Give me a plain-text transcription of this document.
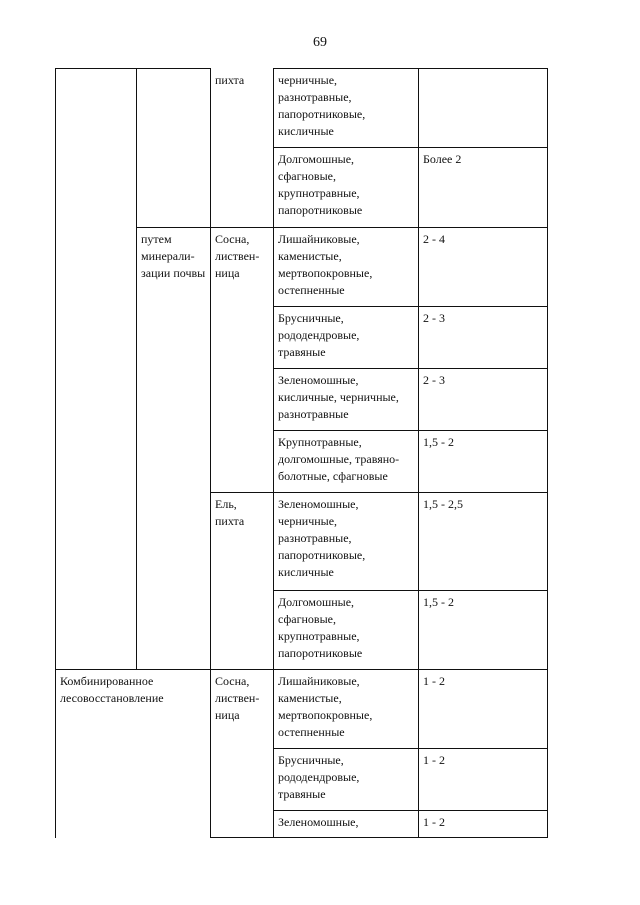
69

		пихта	черничные,
разнотравные,
папоротниковые,
кисличные	

			Долгомошные,
сфагновые,
крупнотравные,
папоротниковые	Более 2

	путем
минерали-
зации почвы	Сосна,
листвен-
ница	Лишайниковые,
каменистые,
мертвопокровные,
остепненные	2 - 4

			Брусничные,
рододендровые,
травяные	2 - 3

			Зеленомошные,
кисличные, черничные,
разнотравные	2 - 3

			Крупнотравные,
долгомошные, травяно-
болотные, сфагновые	1,5 - 2

		Ель,
пихта	Зеленомошные,
черничные,
разнотравные,
папоротниковые,
кисличные	1,5 - 2,5

			Долгомошные,
сфагновые,
крупнотравные,
папоротниковые	1,5 - 2

Комбинированное
лесовосстановление		Сосна,
листвен-
ница	Лишайниковые,
каменистые,
мертвопокровные,
остепненные	1 - 2

			Брусничные,
рододендровые,
травяные	1 - 2

			Зеленомошные,	1 - 2
